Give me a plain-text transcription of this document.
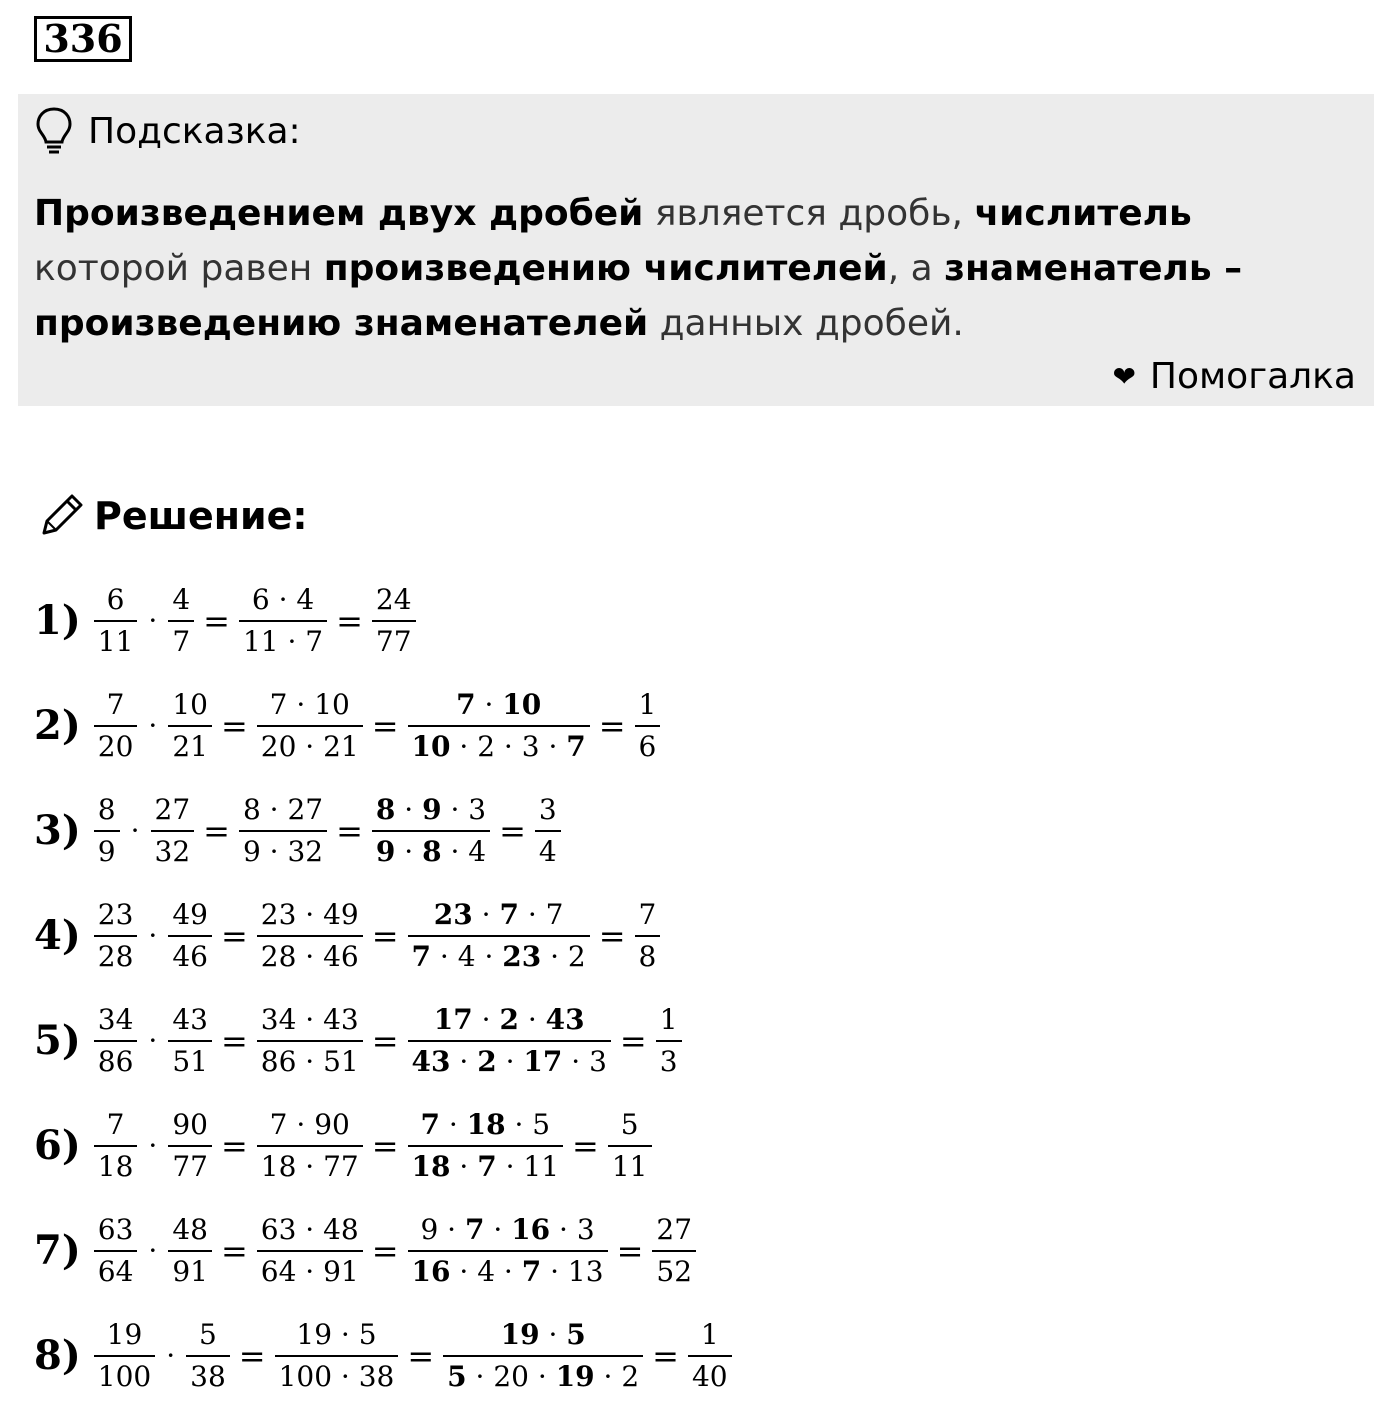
336
Подсказка:
Произведением двух дробей является дробь, числитель которой равен произведению числителей, а знаменатель – произведению знаменателей данных дробей.
❤ Помогалка
Решение:
$1) \frac{6}{11} \cdot \frac{4}{7} = \frac{6 \cdot 4}{11 \cdot 7} = \frac{24}{77}$
$2) \frac{7}{20} \cdot \frac{10}{21} = \frac{7 \cdot 10}{20 \cdot 21} = \frac{7 \cdot 10}{10 \cdot 2 \cdot 3 \cdot 7} = \frac{1}{6}$
$3) \frac{8}{9} \cdot \frac{27}{32} = \frac{8 \cdot 27}{9 \cdot 32} = \frac{8 \cdot 9 \cdot 3}{9 \cdot 8 \cdot 4} = \frac{3}{4}$
$4) \frac{23}{28} \cdot \frac{49}{46} = \frac{23 \cdot 49}{28 \cdot 46} = \frac{23 \cdot 7 \cdot 7}{7 \cdot 4 \cdot 23 \cdot 2} = \frac{7}{8}$
$5) \frac{34}{86} \cdot \frac{43}{51} = \frac{34 \cdot 43}{86 \cdot 51} = \frac{17 \cdot 2 \cdot 43}{43 \cdot 2 \cdot 17 \cdot 3} = \frac{1}{3}$
$6) \frac{7}{18} \cdot \frac{90}{77} = \frac{7 \cdot 90}{18 \cdot 77} = \frac{7 \cdot 18 \cdot 5}{18 \cdot 7 \cdot 11} = \frac{5}{11}$
$7) \frac{63}{64} \cdot \frac{48}{91} = \frac{63 \cdot 48}{64 \cdot 91} = \frac{9 \cdot 7 \cdot 16 \cdot 3}{16 \cdot 4 \cdot 7 \cdot 13} = \frac{27}{52}$
$8) \frac{19}{100} \cdot \frac{5}{38} = \frac{19 \cdot 5}{100 \cdot 38} = \frac{19 \cdot 5}{5 \cdot 20 \cdot 19 \cdot 2} = \frac{1}{40}$
